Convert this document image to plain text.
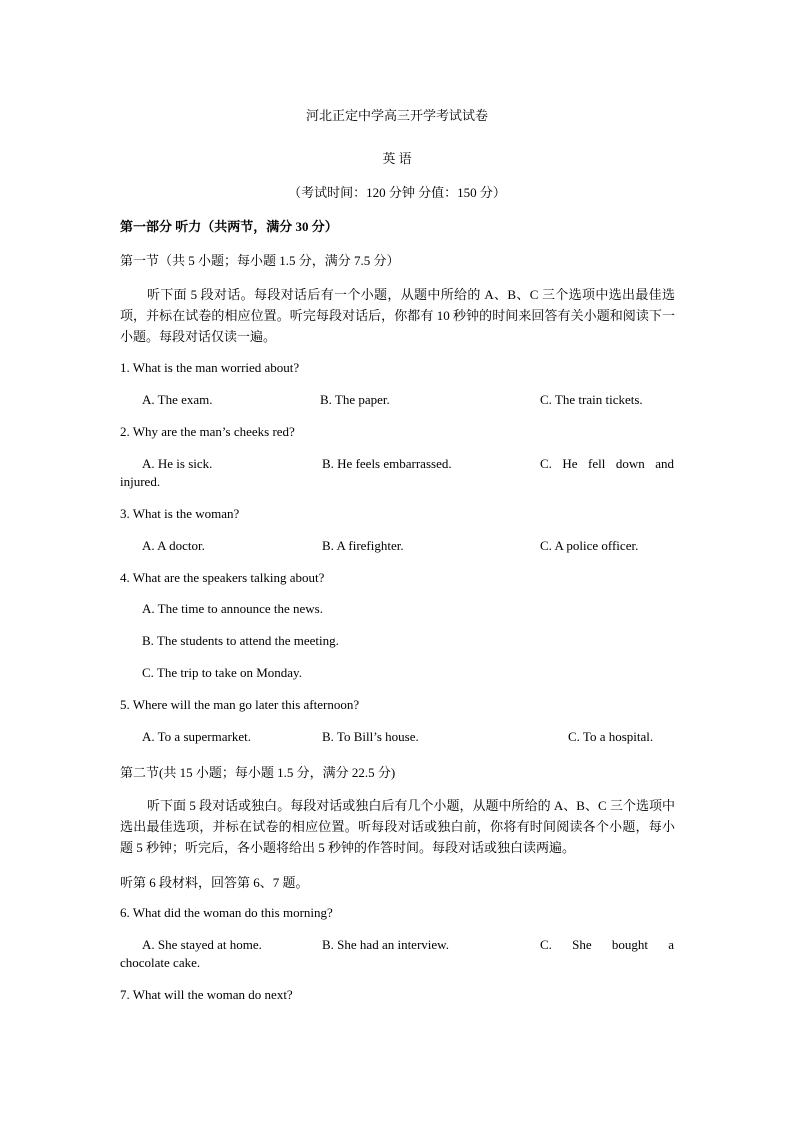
河北正定中学高三开学考试试卷
英 语
（考试时间：120 分钟 分值：150 分）
第一部分 听力（共两节，满分 30 分）
第一节（共 5 小题；每小题 1.5 分，满分 7.5 分）
听下面 5 段对话。每段对话后有一个小题，从题中所给的 A、B、C 三个选项中选出最佳选项，并标在试卷的相应位置。听完每段对话后，你都有 10 秒钟的时间来回答有关小题和阅读下一小题。每段对话仅读一遍。
1. What is the man worried about?
A. The exam.	B. The paper.	C. The train tickets.
2. Why are the man’s cheeks red?
A. He is sick.	B. He feels embarrassed.	C. He fell down and
injured.
3. What is the woman?
A. A doctor.	B. A firefighter.	C. A police officer.
4. What are the speakers talking about?
A. The time to announce the news.
B. The students to attend the meeting.
C. The trip to take on Monday.
5. Where will the man go later this afternoon?
A. To a supermarket.	B. To Bill’s house.	C. To a hospital.
第二节(共 15 小题；每小题 1.5 分，满分 22.5 分)
听下面 5 段对话或独白。每段对话或独白后有几个小题，从题中所给的 A、B、C 三个选项中选出最佳选项，并标在试卷的相应位置。听每段对话或独白前，你将有时间阅读各个小题，每小题 5 秒钟；听完后，各小题将给出 5 秒钟的作答时间。每段对话或独白读两遍。
听第 6 段材料，回答第 6、7 题。
6. What did the woman do this morning?
A. She stayed at home.	B. She had an interview.	C. She bought a
chocolate cake.
7. What will the woman do next?
